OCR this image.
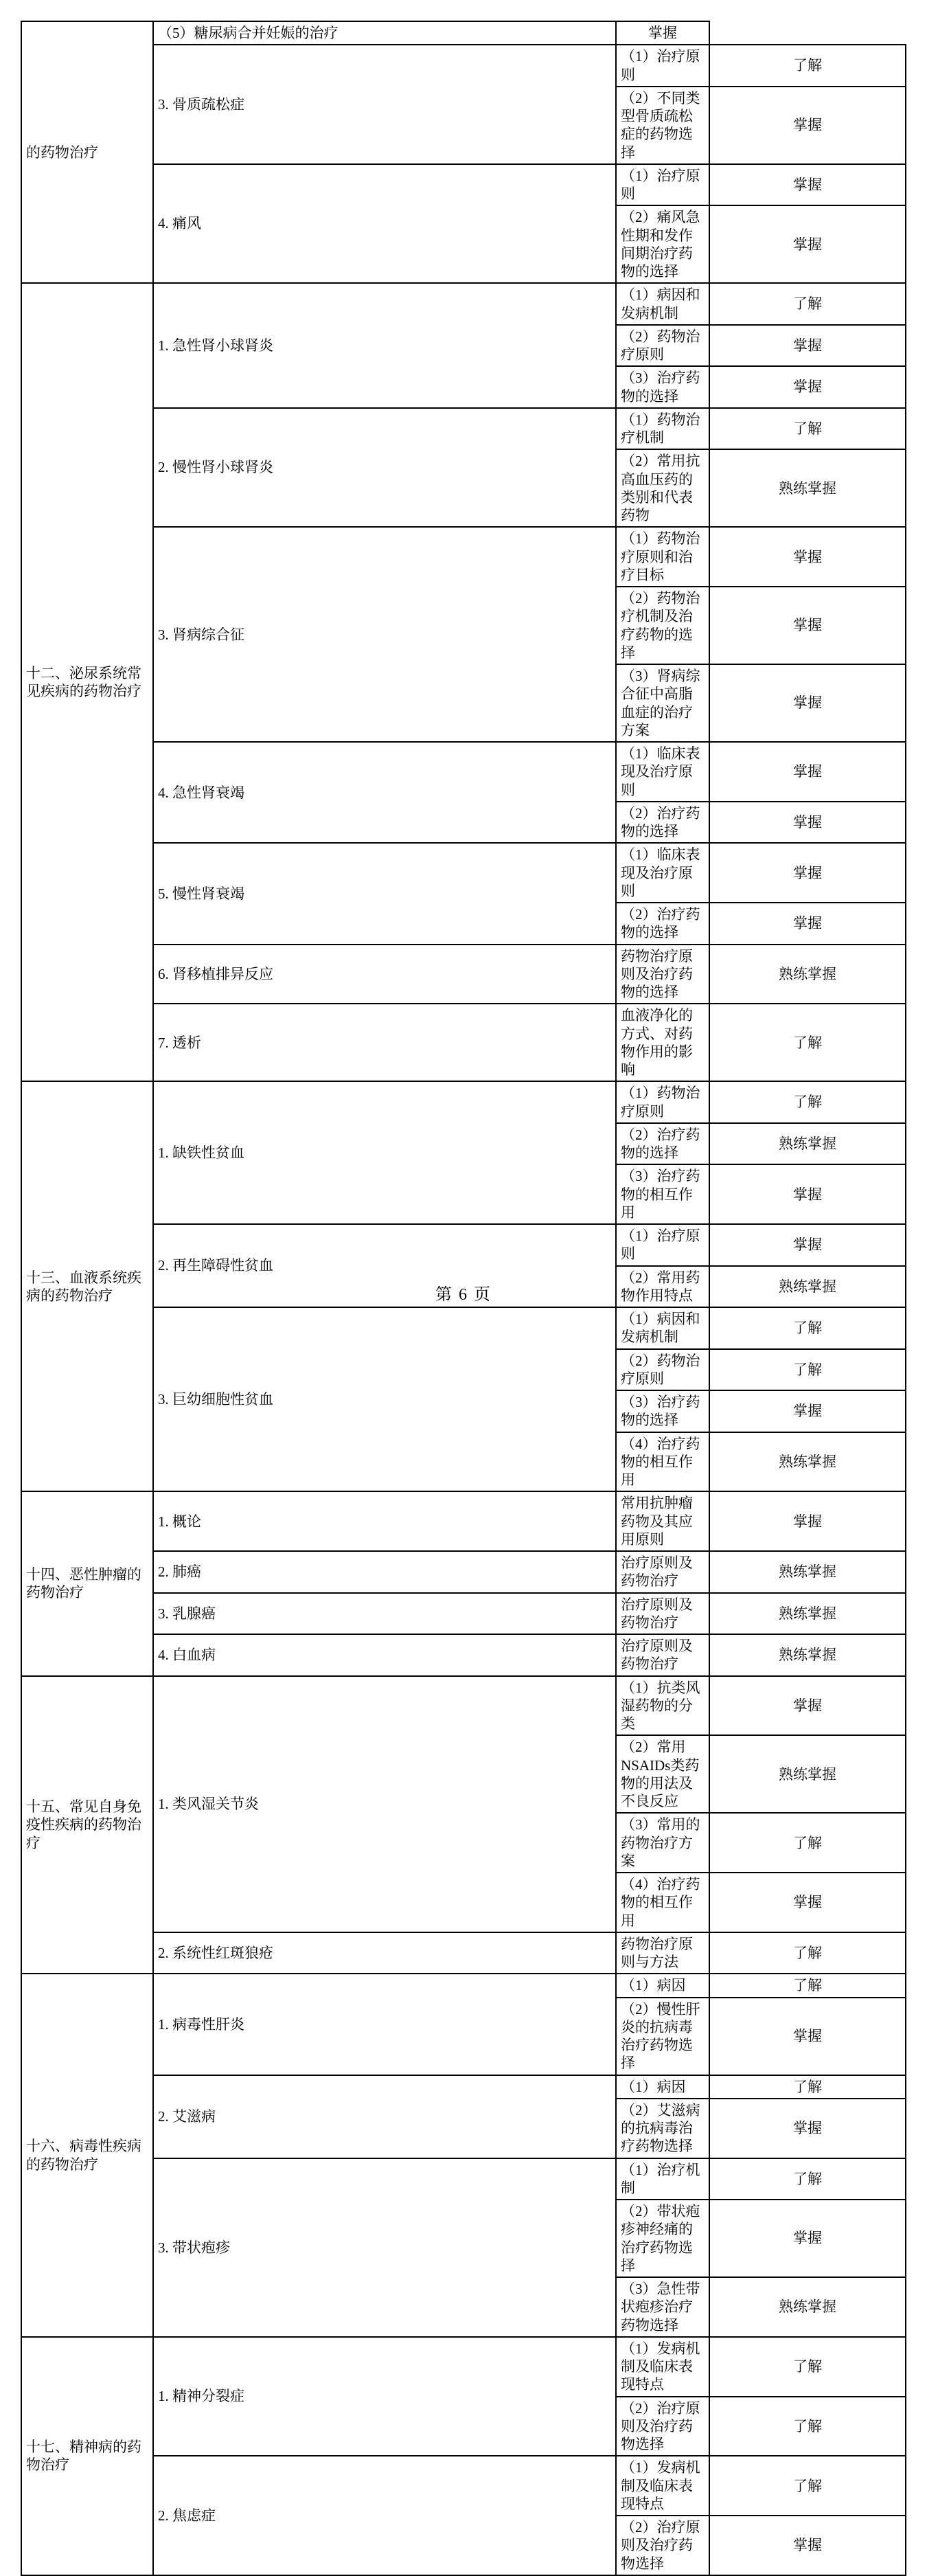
的药物治疗	（5）糖尿病合并妊娠的治疗	掌握	
	3. 骨质疏松症	（1）治疗原则	了解
		（2）不同类型骨质疏松症的药物选择	掌握
	4. 痛风	（1）治疗原则	掌握
		（2）痛风急性期和发作间期治疗药物的选择	掌握
十二、泌尿系统常见疾病的药物治疗	1. 急性肾小球肾炎	（1）病因和发病机制	了解
		（2）药物治疗原则	掌握
		（3）治疗药物的选择	掌握
	2. 慢性肾小球肾炎	（1）药物治疗机制	了解
		（2）常用抗高血压药的类别和代表药物	熟练掌握
	3. 肾病综合征	（1）药物治疗原则和治疗目标	掌握
		（2）药物治疗机制及治疗药物的选择	掌握
		（3）肾病综合征中高脂血症的治疗方案	掌握
	4. 急性肾衰竭	（1）临床表现及治疗原则	掌握
		（2）治疗药物的选择	掌握
	5. 慢性肾衰竭	（1）临床表现及治疗原则	掌握
		（2）治疗药物的选择	掌握
	6. 肾移植排异反应	药物治疗原则及治疗药物的选择	熟练掌握
	7. 透析	血液净化的方式、对药物作用的影响	了解
十三、血液系统疾病的药物治疗	1. 缺铁性贫血	（1）药物治疗原则	了解
		（2）治疗药物的选择	熟练掌握
		（3）治疗药物的相互作用	掌握
	2. 再生障碍性贫血	（1）治疗原则	掌握
		（2）常用药物作用特点	熟练掌握
	3. 巨幼细胞性贫血	（1）病因和发病机制	了解
		（2）药物治疗原则	了解
		（3）治疗药物的选择	掌握
		（4）治疗药物的相互作用	熟练掌握
十四、恶性肿瘤的药物治疗	1. 概论	常用抗肿瘤药物及其应用原则	掌握
	2. 肺癌	治疗原则及药物治疗	熟练掌握
	3. 乳腺癌	治疗原则及药物治疗	熟练掌握
	4. 白血病	治疗原则及药物治疗	熟练掌握
十五、常见自身免疫性疾病的药物治疗	1. 类风湿关节炎	（1）抗类风湿药物的分类	掌握
		（2）常用NSAIDs类药物的用法及不良反应	熟练掌握
		（3）常用的药物治疗方案	了解
		（4）治疗药物的相互作用	掌握
	2. 系统性红斑狼疮	药物治疗原则与方法	了解
十六、病毒性疾病的药物治疗	1. 病毒性肝炎	（1）病因	了解
		（2）慢性肝炎的抗病毒治疗药物选择	掌握
	2. 艾滋病	（1）病因	了解
		（2）艾滋病的抗病毒治疗药物选择	掌握
	3. 带状疱疹	（1）治疗机制	了解
		（2）带状疱疹神经痛的治疗药物选择	掌握
		（3）急性带状疱疹治疗药物选择	熟练掌握
十七、精神病的药物治疗	1. 精神分裂症	（1）发病机制及临床表现特点	了解
		（2）治疗原则及治疗药物选择	了解
	2. 焦虑症	（1）发病机制及临床表现特点	了解
		（2）治疗原则及治疗药物选择	掌握
第 6 页
